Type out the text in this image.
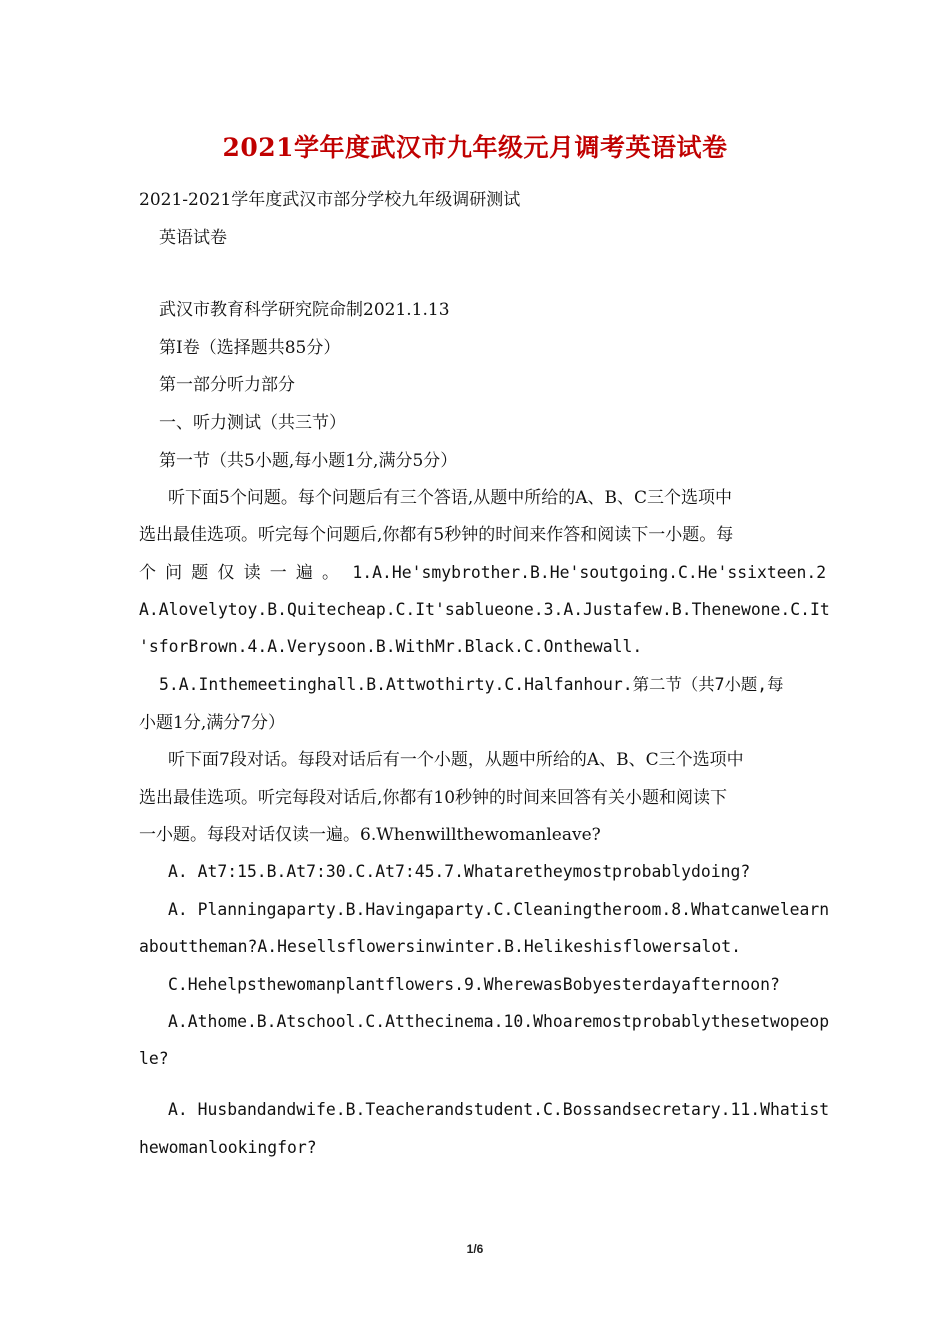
2021学年度武汉市九年级元月调考英语试卷
2021-2021学年度武汉市部分学校九年级调研测试
英语试卷
武汉市教育科学研究院命制2021.1.13
第I卷（选择题共85分）
第一部分听力部分
一、听力测试（共三节）
第一节（共5小题,每小题1分,满分5分）
听下面5个问题。每个问题后有三个答语,从题中所给的A、B、C三个选项中
选出最佳选项。听完每个问题后,你都有5秒钟的时间来作答和阅读下一小题。每
个 问 题 仅 读 一 遍 。 1.A.He'smybrother.B.He'soutgoing.C.He'ssixteen.2
A.Alovelytoy.B.Quitecheap.C.It'sablueone.3.A.Justafew.B.Thenewone.C.It
'sforBrown.4.A.Verysoon.B.WithMr.Black.C.Onthewall.
5.A.Inthemeetinghall.B.Attwothirty.C.Halfanhour.第二节（共7小题,每
小题1分,满分7分）
听下面7段对话。每段对话后有一个小题，从题中所给的A、B、C三个选项中
选出最佳选项。听完每段对话后,你都有10秒钟的时间来回答有关小题和阅读下
一小题。每段对话仅读一遍。6.Whenwillthewomanleave?
A. At7:15.B.At7:30.C.At7:45.7.Whataretheymostprobablydoing?
A. Planningaparty.B.Havingaparty.C.Cleaningtheroom.8.Whatcanwelearn
abouttheman?A.Hesellsflowersinwinter.B.Helikeshisflowersalot.
C.Hehelpsthewomanplantflowers.9.WherewasBobyesterdayafternoon?
A.Athome.B.Atschool.C.Atthecinema.10.Whoaremostprobablythesetwopeop
le?
A. Husbandandwife.B.Teacherandstudent.C.Bossandsecretary.11.Whatist
hewomanlookingfor?
1/6
